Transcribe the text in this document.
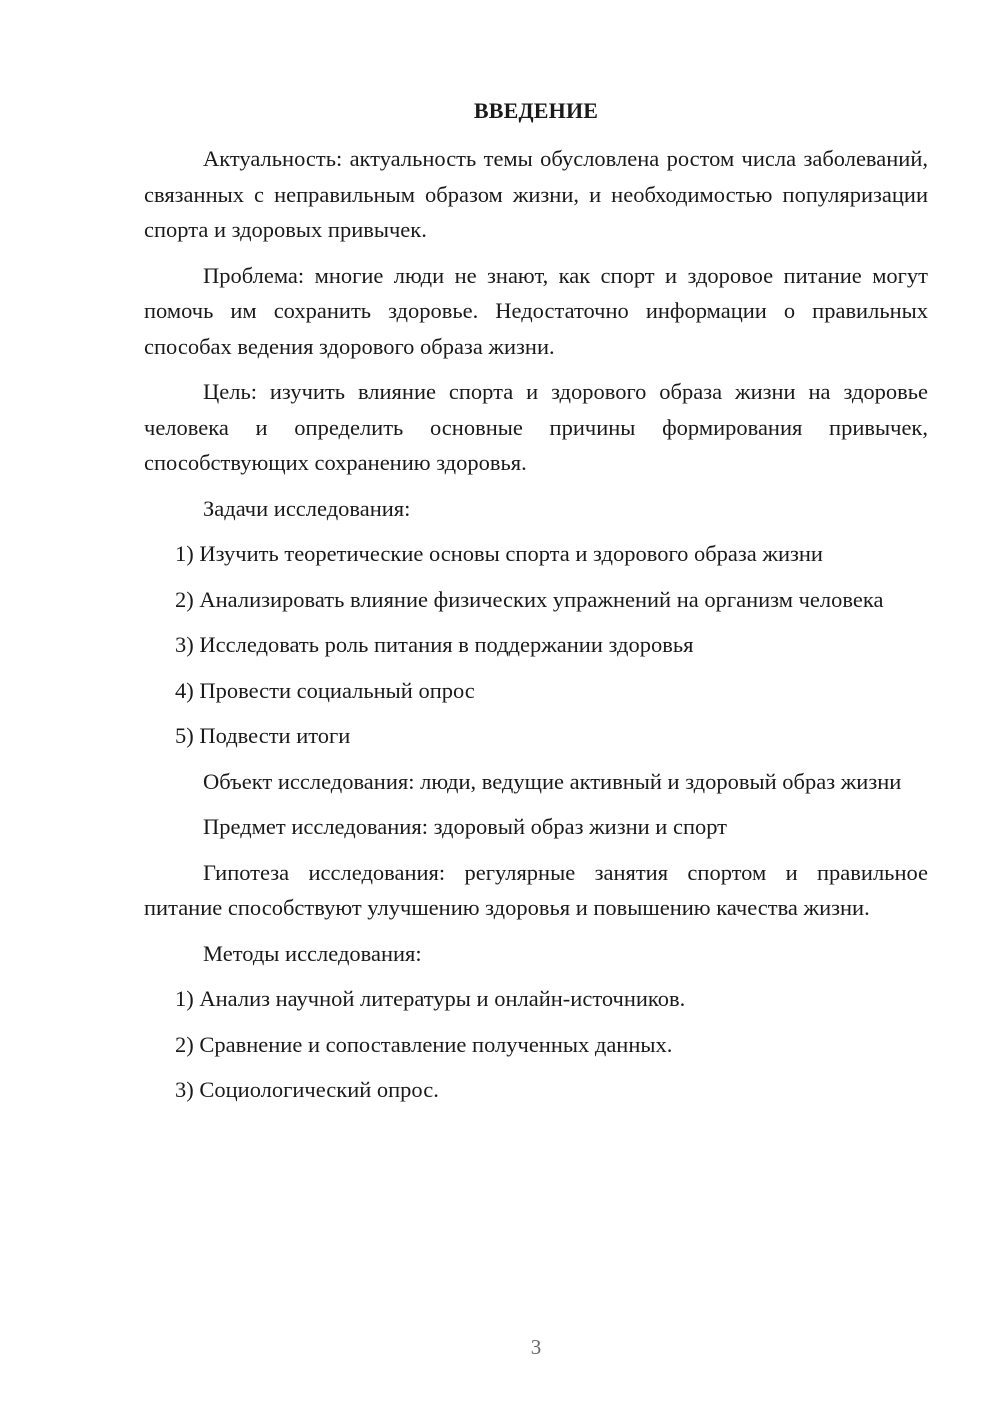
ВВЕДЕНИЕ

Актуальность: актуальность темы обусловлена ростом числа заболеваний, связанных с неправильным образом жизни, и необходимостью популяризации спорта и здоровых привычек.

Проблема: многие люди не знают, как спорт и здоровое питание могут помочь им сохранить здоровье. Недостаточно информации о правильных способах ведения здорового образа жизни.

Цель: изучить влияние спорта и здорового образа жизни на здоровье человека и определить основные причины формирования привычек, способствующих сохранению здоровья.

Задачи исследования:

1) Изучить теоретические основы спорта и здорового образа жизни

2) Анализировать влияние физических упражнений на организм человека

3) Исследовать роль питания в поддержании здоровья

4) Провести социальный опрос

5) Подвести итоги

Объект исследования: люди, ведущие активный и здоровый образ жизни

Предмет исследования: здоровый образ жизни и спорт

Гипотеза исследования: регулярные занятия спортом и правильное питание способствуют улучшению здоровья и повышению качества жизни.

Методы исследования:

1) Анализ научной литературы и онлайн-источников.

2) Сравнение и сопоставление полученных данных.

3) Социологический опрос.

3
